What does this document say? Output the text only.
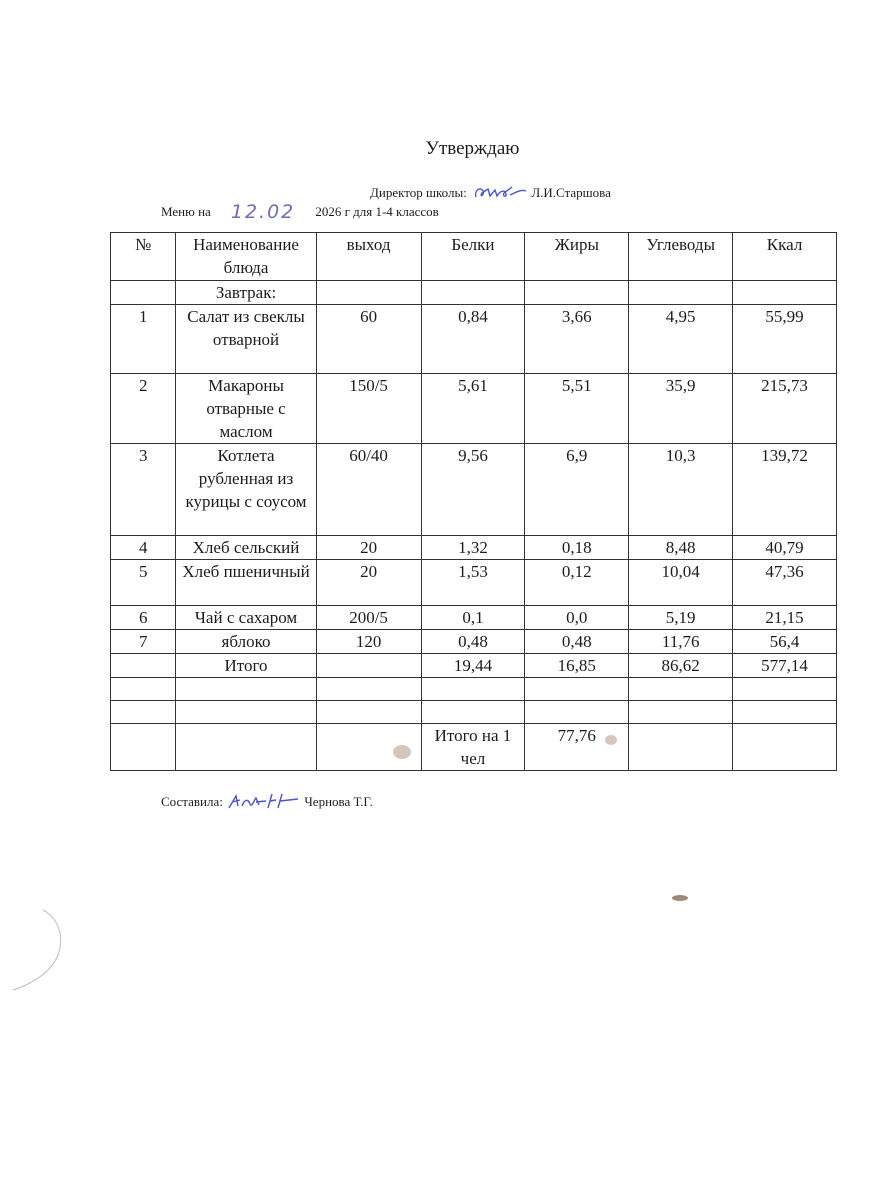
Утверждаю
Директор школы:	Л.И.Старшова
Меню на 12.02 2026 г для 1-4 классов
№	Наименование блюда	выход	Белки	Жиры	Углеводы	Ккал
	Завтрак:					
1	Салат из свеклы отварной	60	0,84	3,66	4,95	55,99
2	Макароны отварные с маслом	150/5	5,61	5,51	35,9	215,73
3	Котлета рубленная из курицы с соусом	60/40	9,56	6,9	10,3	139,72
4	Хлеб сельский	20	1,32	0,18	8,48	40,79
5	Хлеб пшеничный	20	1,53	0,12	10,04	47,36
6	Чай с сахаром	200/5	0,1	0,0	5,19	21,15
7	яблоко	120	0,48	0,48	11,76	56,4
	Итого		19,44	16,85	86,62	577,14

			Итого на 1 чел	77,76		
Составила:	Чернова Т.Г.
